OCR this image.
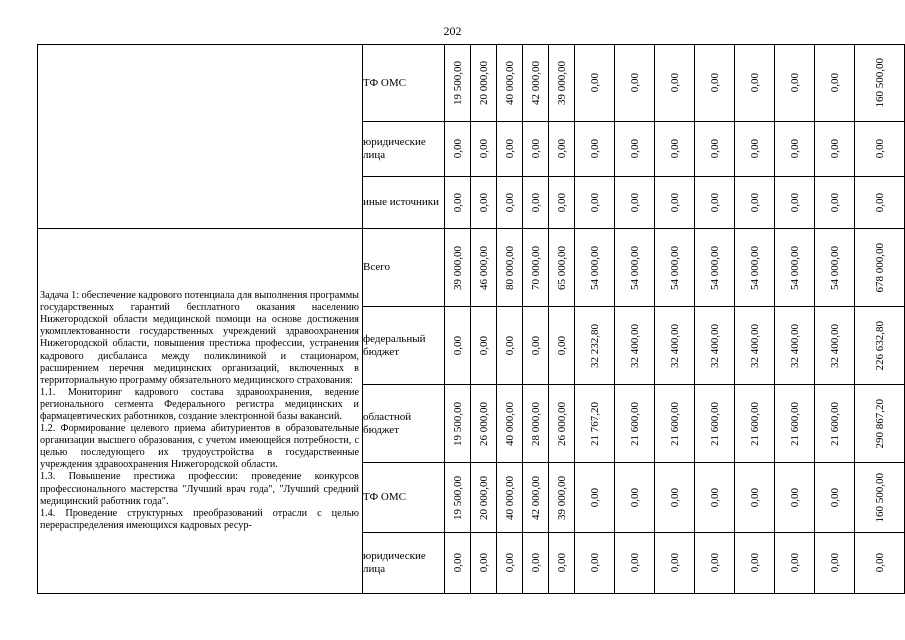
202
	ТФ ОМС	19 500,00	20 000,00	40 000,00	42 000,00	39 000,00	0,00	0,00	0,00	0,00	0,00	0,00	0,00	160 500,00

	юридические лица	0,00	0,00	0,00	0,00	0,00	0,00	0,00	0,00	0,00	0,00	0,00	0,00	0,00

	иные источники	0,00	0,00	0,00	0,00	0,00	0,00	0,00	0,00	0,00	0,00	0,00	0,00	0,00

Задача 1: обеспечение кадрового потенциала для выполнения программы государственных гарантий бесплатного оказания населению Нижегородской области медицинской помощи на основе достижения укомплектованности государственных учреждений здравоохранения Нижегородской области, повышения престижа профессии, устранения кадрового дисбаланса между поликлиникой и стационаром, расширением перечня медицинских организаций, включенных в территориальную программу обязательного медицинского страхования:

1.1. Мониторинг кадрового состава здравоохранения, ведение регионального сегмента Федерального регистра медицинских и фармацевтических работников, создание электронной базы вакансий.

1.2. Формирование целевого приема абитуриентов в образовательные организации высшего образования, с учетом имеющейся потребности, с целью последующего их трудоустройства в государственные учреждения здравоохранения Нижегородской области.

1.3. Повышение престижа профессии: проведение конкурсов профессионального мастерства "Лучший врач года", "Лучший средний медицинский работник года".

1.4. Проведение структурных преобразований отрасли с целью перераспределения имеющихся кадровых ресур-	Всего	39 000,00	46 000,00	80 000,00	70 000,00	65 000,00	54 000,00	54 000,00	54 000,00	54 000,00	54 000,00	54 000,00	54 000,00	678 000,00

	федеральный бюджет	0,00	0,00	0,00	0,00	0,00	32 232,80	32 400,00	32 400,00	32 400,00	32 400,00	32 400,00	32 400,00	226 632,80

	областной бюджет	19 500,00	26 000,00	40 000,00	28 000,00	26 000,00	21 767,20	21 600,00	21 600,00	21 600,00	21 600,00	21 600,00	21 600,00	290 867,20

	ТФ ОМС	19 500,00	20 000,00	40 000,00	42 000,00	39 000,00	0,00	0,00	0,00	0,00	0,00	0,00	0,00	160 500,00

	юридические лица	0,00	0,00	0,00	0,00	0,00	0,00	0,00	0,00	0,00	0,00	0,00	0,00	0,00
